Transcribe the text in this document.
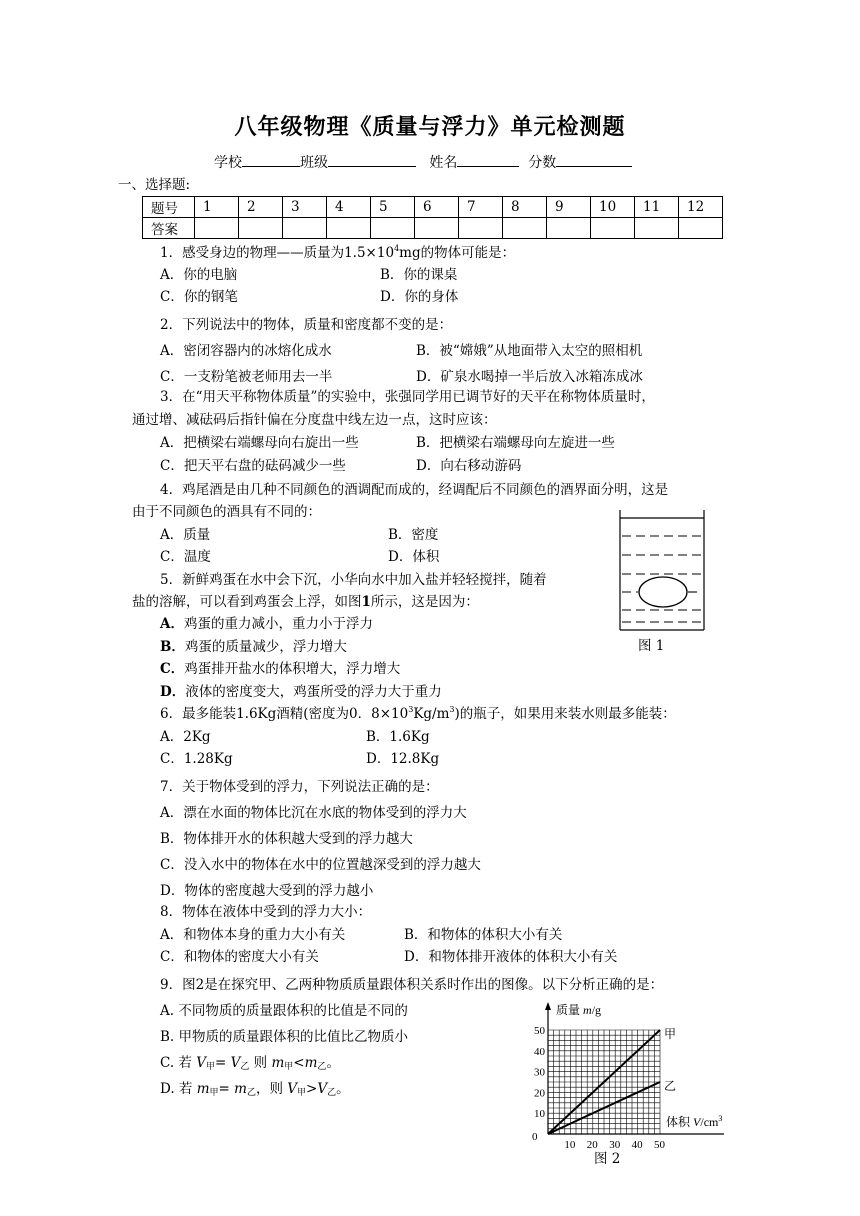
八年级物理《质量与浮力》单元检测题
学校	班级	姓名	分数
一、选择题:
题号	1	2	3	4	5	6	7	8	9	10	11	12
答案												
1．感受身边的物理——质量为$1.5\times 10^4mg$的物体可能是：
A．你的电脑	B．你的课桌
C．你的钢笔	D．你的身体
2．下列说法中的物体，质量和密度都不变的是：
A．密闭容器内的冰熔化成水	B．被“嫦娥”从地面带入太空的照相机
C．一支粉笔被老师用去一半	D．矿泉水喝掉一半后放入冰箱冻成冰
3．在“用天平称物体质量”的实验中，张强同学用已调节好的天平在称物体质量时，
通过增、减砝码后指针偏在分度盘中线左边一点，这时应该：
A．把横梁右端螺母向右旋出一些	B．把横梁右端螺母向左旋进一些
C．把天平右盘的砝码减少一些	D．向右移动游码
4．鸡尾酒是由几种不同颜色的酒调配而成的，经调配后不同颜色的酒界面分明，这是
由于不同颜色的酒具有不同的：
A．质量	B．密度
C．温度	D．体积
图 1
5．新鲜鸡蛋在水中会下沉，小华向水中加入盐并轻轻搅拌，随着
盐的溶解，可以看到鸡蛋会上浮，如图1所示，这是因为：
A．鸡蛋的重力减小，重力小于浮力
B．鸡蛋的质量减少，浮力增大
C．鸡蛋排开盐水的体积增大，浮力增大
D．液体的密度变大，鸡蛋所受的浮力大于重力
6．最多能装1.6Kg酒精(密度为0．$8\times 10^3Kg/m^3$)的瓶子，如果用来装水则最多能装：
A．2Kg	B．1.6Kg
C．1.28Kg	D．12.8Kg
7．关于物体受到的浮力，下列说法正确的是：
A．漂在水面的物体比沉在水底的物体受到的浮力大
B．物体排开水的体积越大受到的浮力越大
C．没入水中的物体在水中的位置越深受到的浮力越大
D．物体的密度越大受到的浮力越小
8．物体在液体中受到的浮力大小：
A．和物体本身的重力大小有关	B．和物体的体积大小有关
C．和物体的密度大小有关	D．和物体排开液体的体积大小有关
9．图2是在探究甲、乙两种物质质量跟体积关系时作出的图像。以下分析正确的是：
A. 不同物质的质量跟体积的比值是不同的
B. 甲物质的质量跟体积的比值比乙物质小
C. 若 $V_甲= V_乙$ 则 $m_甲<m_乙$。
D. 若 $m_甲= m_乙$，则 $V_甲>V_乙$。
质量 m/g
体积 $V/cm^3$
0
50
40
30
20
10
10 20 30 40 50
甲
乙
图 2
